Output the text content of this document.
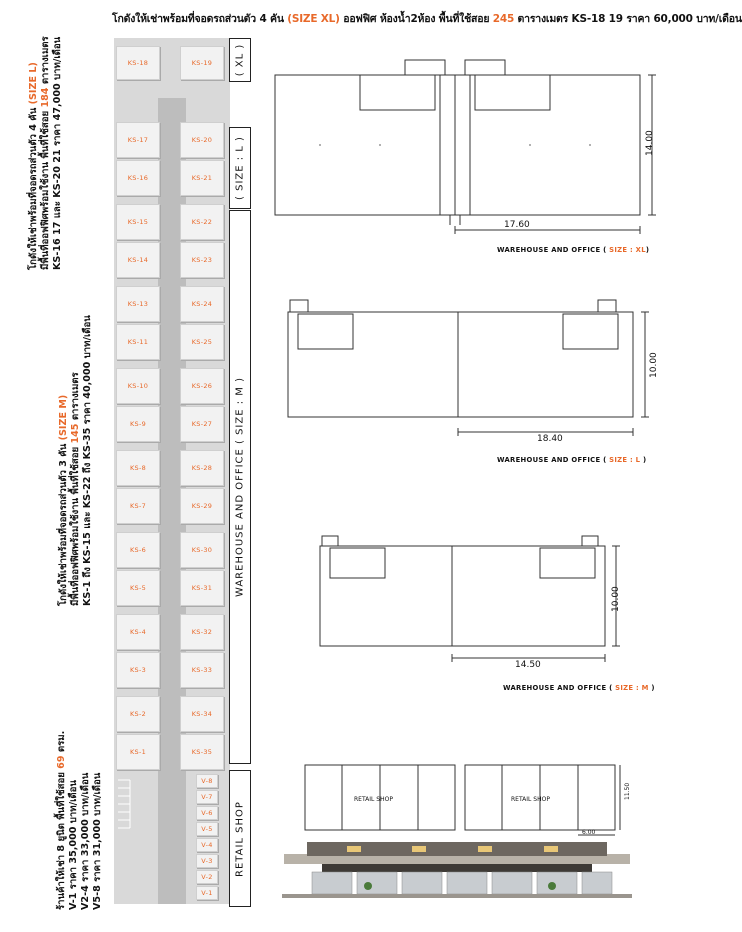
โกดังให้เช่าพร้อมที่จอดรถส่วนตัว 4 คัน (SIZE XL) ออฟฟิศ ห้องน้ำ2ห้อง พื้นที่ใช้สอย 245 ตารางเมตร KS-18 19 ราคา 60,000 บาท/เดือน
โกดังให้เช่าพร้อมที่จอดรถส่วนตัว 4 คัน (SIZE L)
มีพื้นที่ออฟฟิศพร้อมใช้งาน พื้นที่ใช้สอย 184 ตารางเมตร KS-16 17 และ KS-20 21 ราคา 47,000 บาท/เดือน
โกดังให้เช่าพร้อมที่จอดรถส่วนตัว 3 คัน (SIZE M)
มีพื้นที่ออฟฟิศพร้อมใช้งาน พื้นที่ใช้สอย 145 ตารางเมตร KS-1 ถึง KS-15 และ KS-22 ถึง KS-35 ราคา 40,000 บาท/เดือน
ร้านค้าให้เช่า 8 ยูนิต พื้นที่ใช้สอย 69 ตรม.
V-1 ราคา 35,000 บาท/เดือน V2-4 ราคา 33,000 บาท/เดือน V5-8 ราคา 31,000 บาท/เดือน
KS-18	KS-19
KS-17	KS-20
KS-16	KS-21
KS-15	KS-22
KS-14	KS-23
KS-13	KS-24
KS-11	KS-25
KS-10	KS-26
KS-9	KS-27
KS-8	KS-28
KS-7	KS-29
KS-6	KS-30
KS-5	KS-31
KS-4	KS-32
KS-3	KS-33
KS-2	KS-34
KS-1	KS-35
V-8
V-7
V-6
V-5
V-4
V-3
V-2
V-1
( XL )
( SIZE : L )
WAREHOUSE AND OFFICE ( SIZE : M )
RETAIL SHOP
17.60
14.00
WAREHOUSE AND OFFICE ( SIZE : XL)
18.40
10.00
WAREHOUSE AND OFFICE ( SIZE : L )
14.50
10.00
WAREHOUSE AND OFFICE ( SIZE : M )
RETAIL SHOP	RETAIL SHOP	11.50
6.00
